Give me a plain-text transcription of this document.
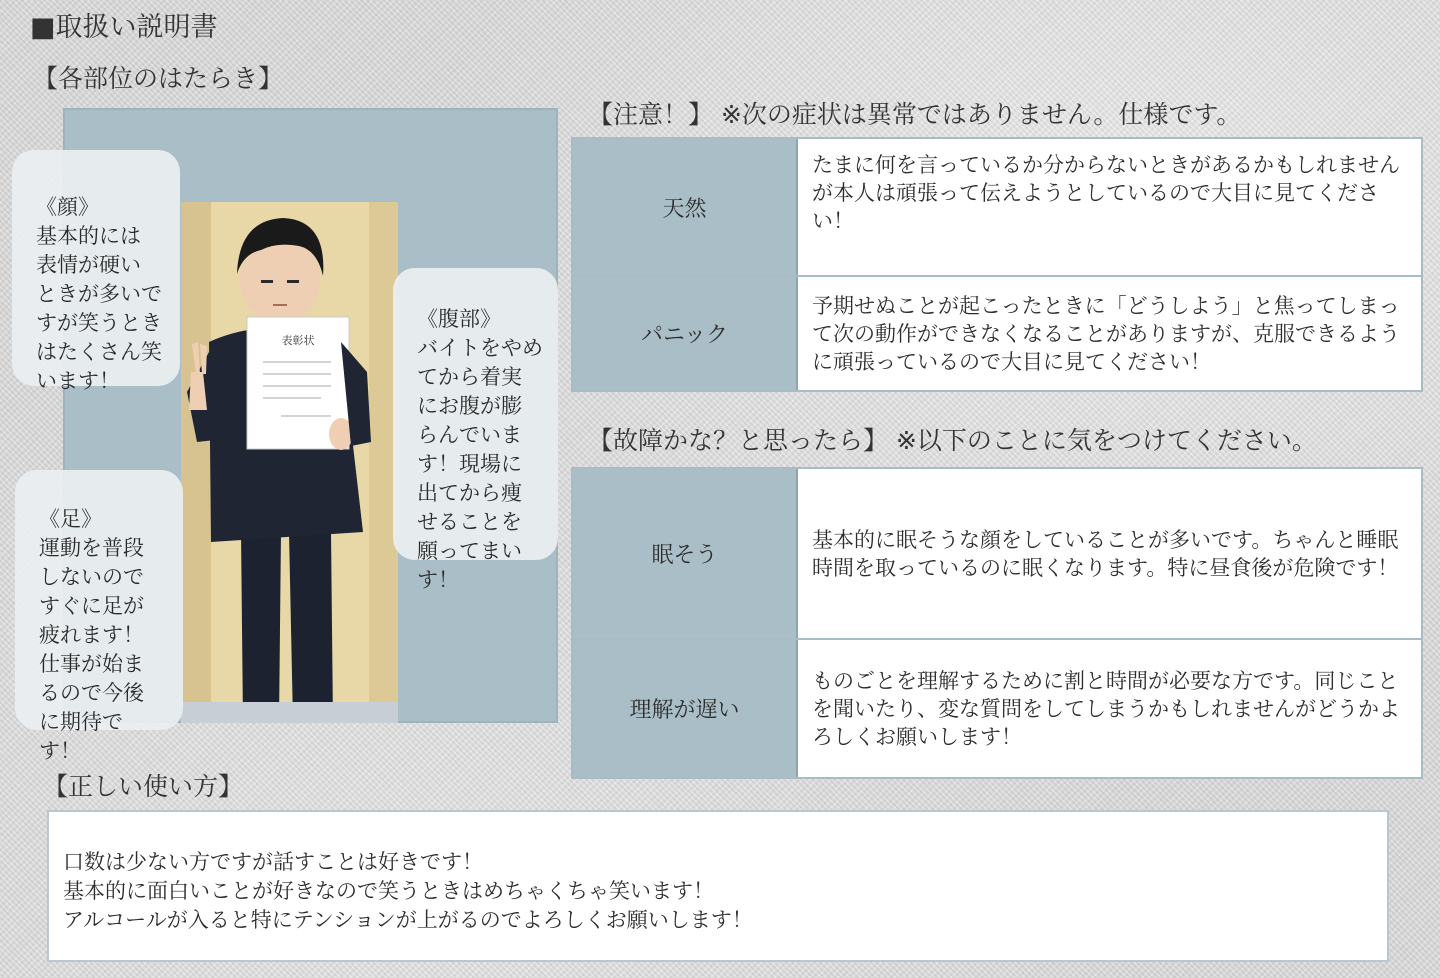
■取扱い説明書
【各部位のはたらき】
表彰状

《顔》
基本的には
表情が硬い
ときが多いで
すが笑うとき
はたくさん笑
います！

《腹部》
バイトをやめ
てから着実
にお腹が膨
らんでいま
す！現場に
出てから痩
せることを
願ってまい
す！

《足》
運動を普段
しないので
すぐに足が
疲れます！
仕事が始ま
るので今後
に期待で
す！

【注意！】 ※次の症状は異常ではありません。仕様です。
天然
たまに何を言っているか分からないときがあるかもしれませんが本人は頑張って伝えようとしているので大目に見てください！
パニック
予期せぬことが起こったときに「どうしよう」と焦ってしまって次の動作ができなくなることがありますが、克服できるように頑張っているので大目に見てください！
【故障かな？と思ったら】 ※以下のことに気をつけてください。
眠そう
基本的に眠そうな顔をしていることが多いです。ちゃんと睡眠時間を取っているのに眠くなります。特に昼食後が危険です！
理解が遅い
ものごとを理解するために割と時間が必要な方です。同じことを聞いたり、変な質問をしてしまうかもしれませんがどうかよろしくお願いします！
【正しい使い方】
口数は少ない方ですが話すことは好きです！
基本的に面白いことが好きなので笑うときはめちゃくちゃ笑います！
アルコールが入ると特にテンションが上がるのでよろしくお願いします！
